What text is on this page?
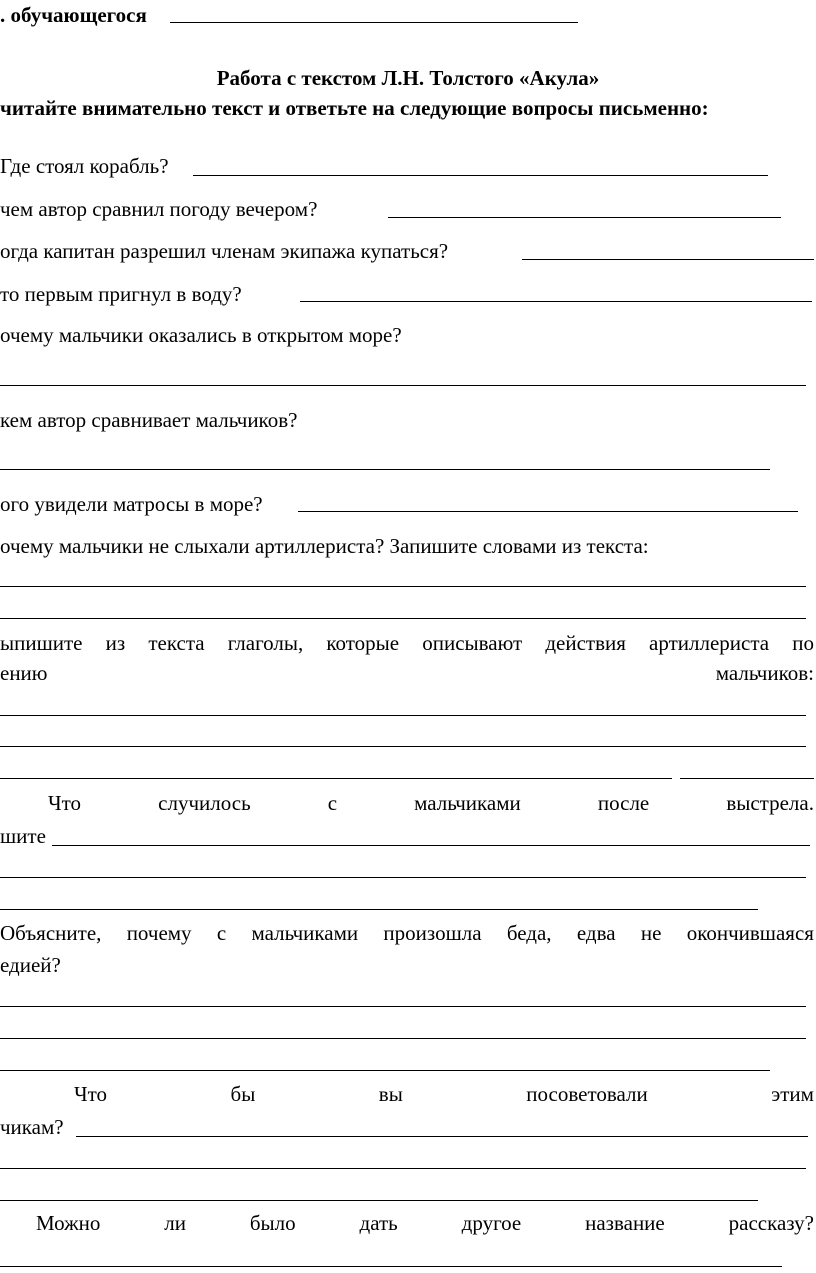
. обучающегося

Работа с текстом Л.Н. Толстого «Акула»

читайте внимательно текст и ответьте на следующие вопросы письменно:

Где стоял корабль?

чем автор сравнил погоду вечером?

огда капитан разрешил членам экипажа купаться?

то первым пригнул в воду?

очему мальчики оказались в открытом море?

кем автор сравнивает мальчиков?

ого увидели матросы в море?

очему мальчики не слыхали артиллериста? Запишите словами из текста:

ыпишите из текста глаголы, которые описывают действия артиллериста по

ению	мальчиков:

Что	случилось	с	мальчиками	после	выстрела.

шите

Объясните, почему с мальчиками произошла беда, едва не окончившаяся

едией?

Что	бы	вы	посоветовали	этим

чикам?

Можно	ли	было	дать	другое	название	рассказу?
